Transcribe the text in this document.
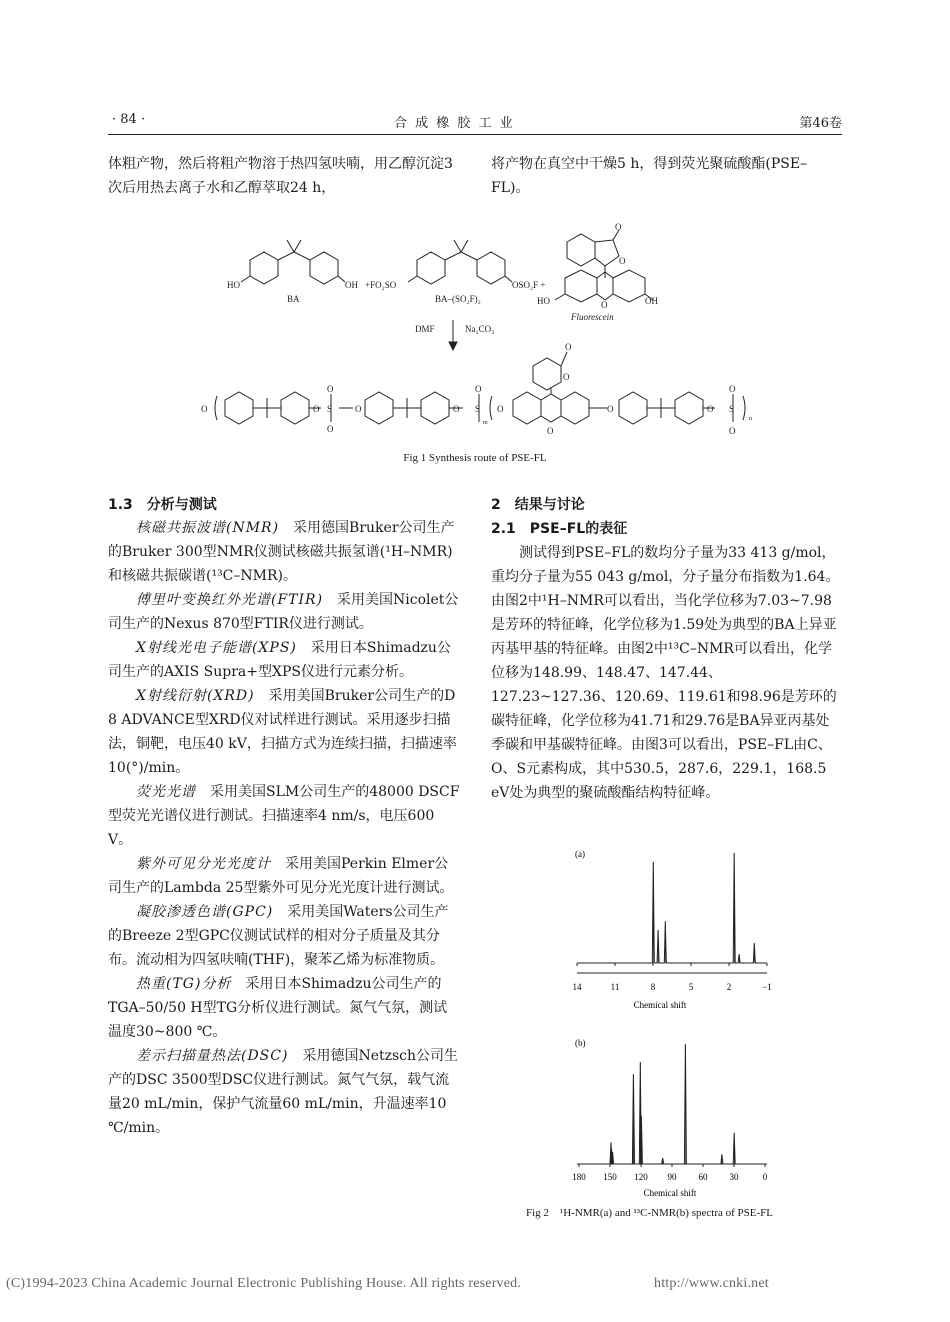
· 84 ·	合 成 橡 胶 工 业	第46卷
体粗产物，然后将粗产物溶于热四氢呋喃，用乙醇沉淀3次后用热去离子水和乙醇萃取24 h，
将产物在真空中干燥5 h，得到荧光聚硫酸酯(PSE–FL)。
HO	OH +FO₂SO	OSO₂F +
BA	BA–(SO₂F)₂
O
O
HO	O	OH
Fluorescein
DMF	Na₂CO₃
O	O S
O
O
O	O S
O
m
O
O
O
O
O
O S
O
O
n
Fig 1 Synthesis route of PSE-FL
1.3　分析与测试

核磁共振波谱(NMR)　采用德国Bruker公司生产的Bruker 300型NMR仪测试核磁共振氢谱(¹H–NMR)和核磁共振碳谱(¹³C–NMR)。

傅里叶变换红外光谱(FTIR)　采用美国Nicolet公司生产的Nexus 870型FTIR仪进行测试。

X射线光电子能谱(XPS)　采用日本Shimadzu公司生产的AXIS Supra+型XPS仪进行元素分析。

X射线衍射(XRD)　采用美国Bruker公司生产的D 8 ADVANCE型XRD仪对试样进行测试。采用逐步扫描法，铜靶，电压40 kV，扫描方式为连续扫描，扫描速率10(°)/min。

荧光光谱　采用美国SLM公司生产的48000 DSCF型荧光光谱仪进行测试。扫描速率4 nm/s，电压600 V。

紫外可见分光光度计　采用美国Perkin Elmer公司生产的Lambda 25型紫外可见分光光度计进行测试。

凝胶渗透色谱(GPC)　采用美国Waters公司生产的Breeze 2型GPC仪测试试样的相对分子质量及其分布。流动相为四氢呋喃(THF)，聚苯乙烯为标准物质。

热重(TG)分析　采用日本Shimadzu公司生产的TGA–50/50 H型TG分析仪进行测试。氮气气氛，测试温度30~800 ℃。

差示扫描量热法(DSC)　采用德国Netzsch公司生产的DSC 3500型DSC仪进行测试。氮气气氛，载气流量20 mL/min，保护气流量60 mL/min，升温速率10 ℃/min。

2　结果与讨论
2.1　PSE–FL的表征
测试得到PSE–FL的数均分子量为33 413 g/mol，重均分子量为55 043 g/mol，分子量分布指数为1.64。由图2中¹H–NMR可以看出，当化学位移为7.03~7.98是芳环的特征峰，化学位移为1.59处为典型的BA上异亚丙基甲基的特征峰。由图2中¹³C–NMR可以看出，化学位移为148.99、148.47、147.44、127.23~127.36、120.69、119.61和98.96是芳环的碳特征峰，化学位移为41.71和29.76是BA异亚丙基处季碳和甲基碳特征峰。由图3可以看出，PSE–FL由C、O、S元素构成，其中530.5，287.6，229.1，168.5 eV处为典型的聚硫酸酯结构特征峰。
(a)
14	11	8	5	2	−1
Chemical shift
(b)
180 150 120 90 60 30	0
Chemical shift
Fig 2　¹H-NMR(a) and ¹³C-NMR(b) spectra of PSE-FL
(C)1994-2023 China Academic Journal Electronic Publishing House. All rights reserved.	http://www.cnki.net
